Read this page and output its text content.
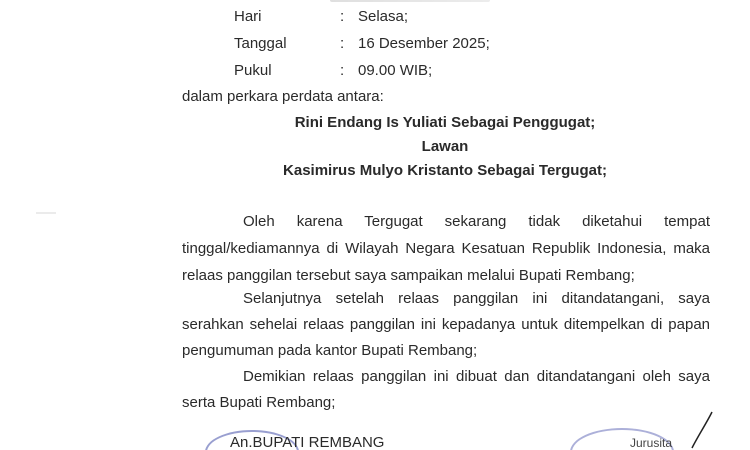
Hari	: Selasa;
Tanggal	: 16 Desember 2025;
Pukul	: 09.00 WIB;
dalam perkara perdata antara:
Rini Endang Is Yuliati Sebagai Penggugat;
Lawan
Kasimirus Mulyo Kristanto Sebagai Tergugat;
Oleh karena Tergugat sekarang tidak diketahui tempat
tinggal/kediamannya di Wilayah Negara Kesatuan Republik Indonesia, maka
relaas panggilan tersebut saya sampaikan melalui Bupati Rembang;
Selanjutnya setelah relaas panggilan ini ditandatangani, saya
serahkan sehelai relaas panggilan ini kepadanya untuk ditempelkan di papan
pengumuman pada kantor Bupati Rembang;
Demikian relaas panggilan ini dibuat dan ditandatangani oleh saya
serta Bupati Rembang;
An.BUPATI REMBANG	Jurusita
